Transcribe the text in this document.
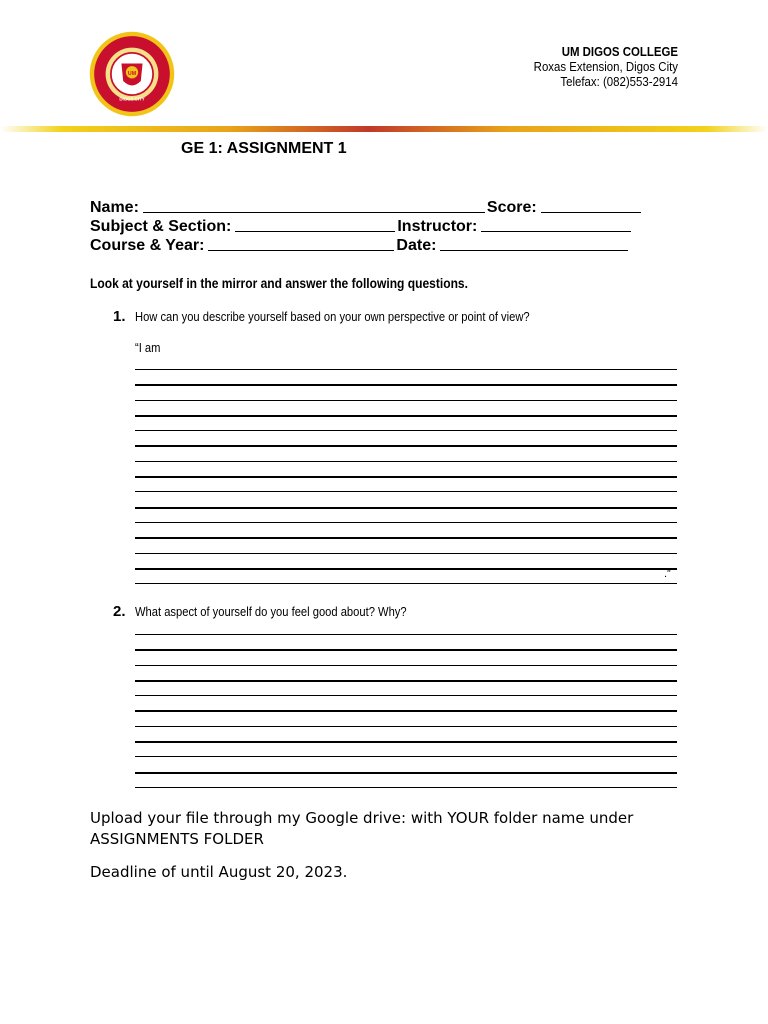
UM DIGOS COLLEGE
UM
DIGOS CITY
UM DIGOS COLLEGE
Roxas Extension, Digos City
Telefax: (082)553-2914
GE 1: ASSIGNMENT 1
Name:	Score:
Subject & Section:	Instructor:
Course & Year:	Date:
Look at yourself in the mirror and answer the following questions.
1. How can you describe yourself based on your own perspective or point of view?
“I am
.”
2. What aspect of yourself do you feel good about? Why?
Upload your file through my Google drive: with YOUR folder name under ASSIGNMENTS FOLDER
Deadline of until August 20, 2023.
